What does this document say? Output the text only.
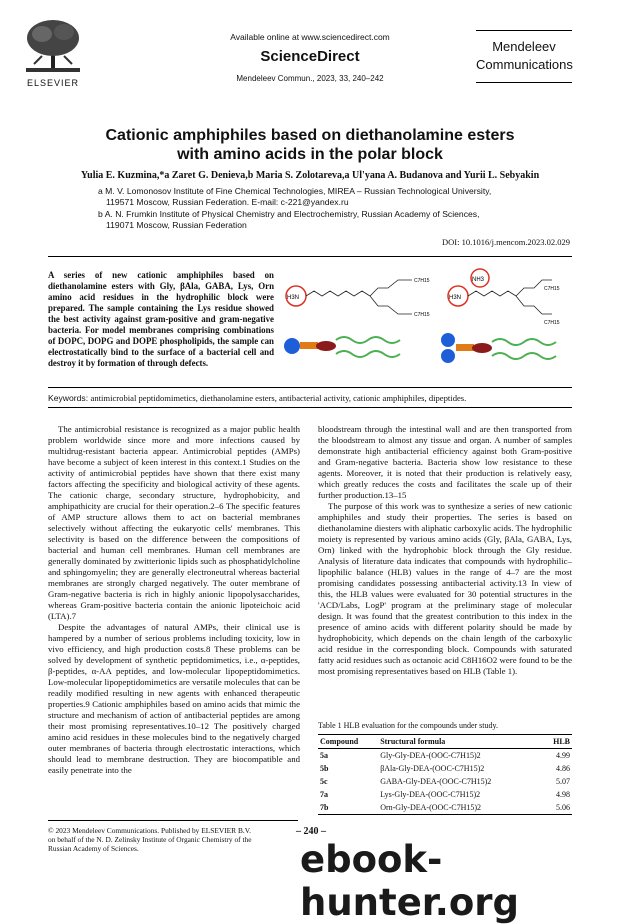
ELSEVIER
Available online at www.sciencedirect.com
ScienceDirect
Mendeleev Commun., 2023, 33, 240–242
Mendeleev
Communications
Cationic amphiphiles based on diethanolamine esters
with amino acids in the polar block
Yulia E. Kuzmina,*a Zaret G. Denieva,b Maria S. Zolotareva,a Ul'yana A. Budanova and Yurii L. Sebyakin
a M. V. Lomonosov Institute of Fine Chemical Technologies, MIREA – Russian Technological University,
119571 Moscow, Russian Federation. E-mail: c-221@yandex.ru
b A. N. Frumkin Institute of Physical Chemistry and Electrochemistry, Russian Academy of Sciences,
119071 Moscow, Russian Federation
DOI: 10.1016/j.mencom.2023.02.029
A series of new cationic amphiphiles based on diethanolamine esters with Gly, βAla, GABA, Lys, Orn amino acid residues in the hydrophilic block were prepared. The sample containing the Lys residue showed the best activity against gram-positive and gram-negative bacteria. For model membranes comprising combinations of DOPC, DOPG and DOPE phospholipids, the sample can electrostatically bind to the surface of a bacterial cell and destroy it by formation of through defects.
H3N
C7H15
C7H15
H3N
NH3
C7H15
C7H15
Keywords: antimicrobial peptidomimetics, diethanolamine esters, antibacterial activity, cationic amphiphiles, dipeptides.

The antimicrobial resistance is recognized as a major public health problem worldwide since more and more infections caused by multidrug-resistant bacteria appear. Antimicrobial peptides (AMPs) have become a subject of keen interest in this context.1 Studies on the activity of antimicrobial peptides have shown that there exist many factors affecting the specificity and biological activity of these agents. The cationic charge, secondary structure, hydrophobicity, and amphipathicity are crucial for their operation.2–6 The specific features of AMP structure allows them to act on bacterial membranes selectively without affecting the eukaryotic cells' membranes. This selectivity is based on the difference between the compositions of bacterial and human cell membranes. Human cell membranes are generally dominated by zwitterionic lipids such as phosphatidylcholine and sphingomyelin; they are generally electroneutral whereas bacterial membranes are strongly charged negatively. The outer membrane of Gram-negative bacteria is rich in highly anionic lipopolysaccharides, whereas Gram-positive bacteria contain the anionic lipoteichoic acid (LTA).7

Despite the advantages of natural AMPs, their clinical use is hampered by a number of serious problems including toxicity, low in vivo efficiency, and high production costs.8 These problems can be solved by development of synthetic peptidomimetics, i.e., α-peptides, β-peptides, α-AA peptides, and low-molecular lipopeptidomimetics. Low-molecular lipopeptidomimetics are versatile molecules that can be readily modified resulting in new agents with enhanced therapeutic properties.9 Cationic amphiphiles based on amino acids that mimic the structure and mechanism of action of antibacterial peptides are among their most promising representatives.10–12 The positively charged amino acid residues in these molecules bind to the negatively charged outer membranes of bacteria through electrostatic interactions, which should lead to membrane destruction. They are biocompatible and easily penetrate into the

bloodstream through the intestinal wall and are then transported from the bloodstream to almost any tissue and organ. A number of samples demonstrate high antibacterial efficiency against both Gram-positive and Gram-negative bacteria. Bacteria show low resistance to these agents. Moreover, it is noted that their production is relatively easy, which greatly reduces the costs and facilitates the scale up of their further production.13–15

The purpose of this work was to synthesize a series of new cationic amphiphiles and study their properties. The series is based on diethanolamine diesters with aliphatic carboxylic acids. The hydrophilic moiety is represented by various amino acids (Gly, βAla, GABA, Lys, Orn) linked with the hydrophobic block through the Gly residue. Analysis of literature data indicates that compounds with hydrophilic–lipophilic balance (HLB) values in the range of 4–7 are the most promising candidates possessing antibacterial activity.13 In view of this, the HLB values were evaluated for 30 potential structures in the 'ACD/Labs, LogP' program at the preliminary stage of molecular design. It was found that the greatest contribution to this index in the presence of amino acids with different polarity should be made by hydrophobicity, which depends on the chain length of the carboxylic acid residue in the corresponding block. Compounds with saturated fatty acid residues such as octanoic acid C8H16O2 were found to be the most promising representatives based on HLB (Table 1).

Table 1 HLB evaluation for the compounds under study.
Compound	Structural formula	HLB
5a	Gly-Gly-DEA-(OOC-C7H15)2	4.99
5b	βAla-Gly-DEA-(OOC-C7H15)2	4.86
5c	GABA-Gly-DEA-(OOC-C7H15)2	5.07
7a	Lys-Gly-DEA-(OOC-C7H15)2	4.98
7b	Orn-Gly-DEA-(OOC-C7H15)2	5.06
© 2023 Mendeleev Communications. Published by ELSEVIER B.V.
on behalf of the N. D. Zelinsky Institute of Organic Chemistry of the
Russian Academy of Sciences.
– 240 –
ebook-hunter.org
